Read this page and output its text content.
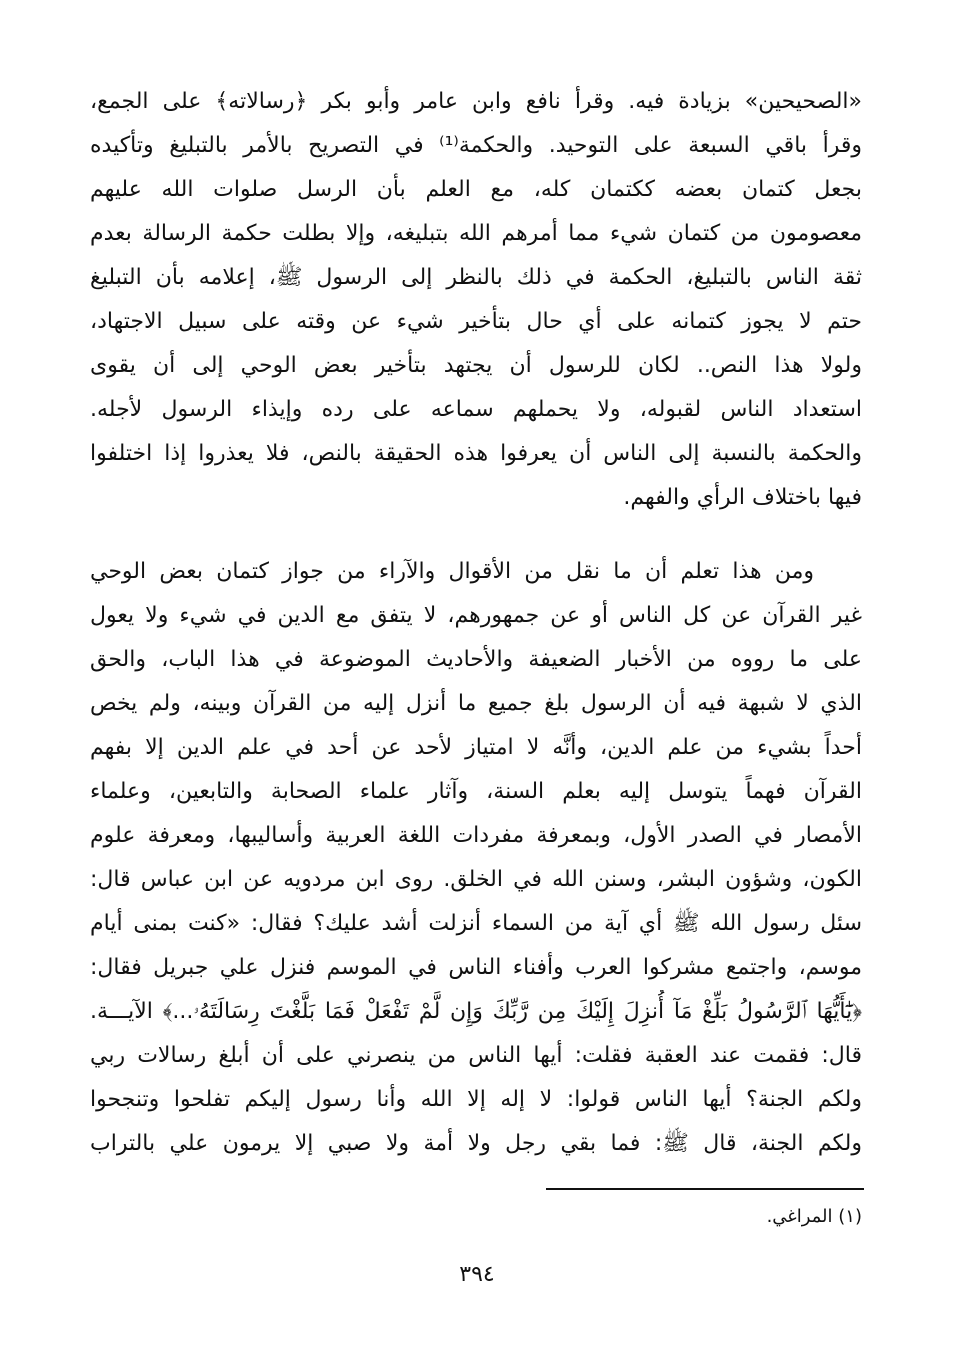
«الصحيحين» بزيادة فيه. وقرأ نافع وابن عامر وأبو بكر ﴿رسالاته﴾ على الجمع،
وقرأ باقي السبعة على التوحيد. والحكمة⁽¹⁾ في التصريح بالأمر بالتبليغ وتأكيده
بجعل كتمان بعضه ككتمان كله، مع العلم بأن الرسل صلوات الله عليهم
معصومون من كتمان شيء مما أمرهم الله بتبليغه، وإلا بطلت حكمة الرسالة بعدم
ثقة الناس بالتبليغ، الحكمة في ذلك بالنظر إلى الرسول ﷺ، إعلامه بأن التبليغ
حتم لا يجوز كتمانه على أي حال بتأخير شيء عن وقته على سبيل الاجتهاد،
ولولا هذا النص.. لكان للرسول أن يجتهد بتأخير بعض الوحي إلى أن يقوى
استعداد الناس لقبوله، ولا يحملهم سماعه على رده وإيذاء الرسول لأجله.
والحكمة بالنسبة إلى الناس أن يعرفوا هذه الحقيقة بالنص، فلا يعذروا إذا اختلفوا
فيها باختلاف الرأي والفهم.
ومن هذا تعلم أن ما نقل من الأقوال والآراء من جواز كتمان بعض الوحي
غير القرآن عن كل الناس أو عن جمهورهم، لا يتفق مع الدين في شيء ولا يعول
على ما رووه من الأخبار الضعيفة والأحاديث الموضوعة في هذا الباب، والحق
الذي لا شبهة فيه أن الرسول بلغ جميع ما أنزل إليه من القرآن وبينه، ولم يخص
أحداً بشيء من علم الدين، وأنَّه لا امتياز لأحد عن أحد في علم الدين إلا بفهم
القرآن فهماً يتوسل إليه بعلم السنة، وآثار علماء الصحابة والتابعين، وعلماء
الأمصار في الصدر الأول، وبمعرفة مفردات اللغة العربية وأساليبها، ومعرفة علوم
الكون، وشؤون البشر، وسنن الله في الخلق. روى ابن مردويه عن ابن عباس قال:
سئل رسول الله ﷺ أي آية من السماء أنزلت أشد عليك؟ فقال: «كنت بمنى أيام
موسم، واجتمع مشركوا العرب وأفناء الناس في الموسم فنزل علي جبريل فقال:
﴿يَٰٓأَيُّهَا ٱلرَّسُولُ بَلِّغْ مَآ أُنزِلَ إِلَيْكَ مِن رَّبِّكَ وَإِن لَّمْ تَفْعَلْ فَمَا بَلَّغْتَ رِسَالَتَهُۥ...﴾ الآيـــة.
قال: فقمت عند العقبة فقلت: أيها الناس من ينصرني على أن أبلغ رسالات ربي
ولكم الجنة؟ أيها الناس قولوا: لا إله إلا الله وأنا رسول إليكم تفلحوا وتنجحوا
ولكم الجنة، قال ﷺ: فما بقي رجل ولا أمة ولا صبي إلا يرمون علي بالتراب
(١) المراغي.
٣٩٤
